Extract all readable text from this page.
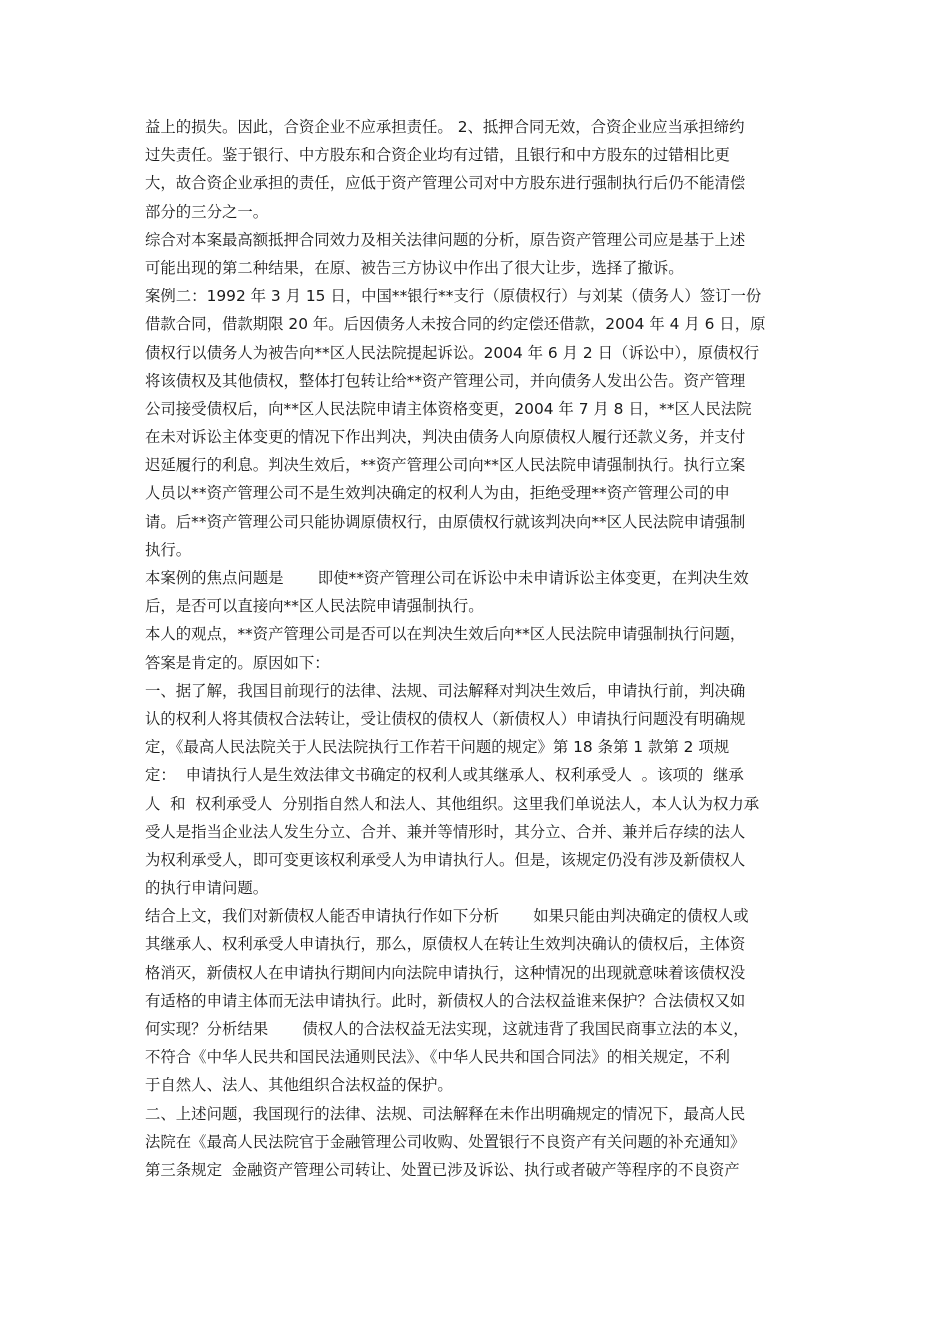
益上的损失。因此，合资企业不应承担责任。 2、抵押合同无效，合资企业应当承担缔约
过失责任。鉴于银行、中方股东和合资企业均有过错，且银行和中方股东的过错相比更
大，故合资企业承担的责任，应低于资产管理公司对中方股东进行强制执行后仍不能清偿
部分的三分之一。
综合对本案最高额抵押合同效力及相关法律问题的分析，原告资产管理公司应是基于上述
可能出现的第二种结果，在原、被告三方协议中作出了很大让步，选择了撤诉。
案例二：1992 年 3 月 15 日，中国**银行**支行（原债权行）与刘某（债务人）签订一份
借款合同，借款期限 20 年。后因债务人未按合同的约定偿还借款，2004 年 4 月 6 日，原
债权行以债务人为被告向**区人民法院提起诉讼。2004 年 6 月 2 日（诉讼中），原债权行
将该债权及其他债权，整体打包转让给**资产管理公司，并向债务人发出公告。资产管理
公司接受债权后，向**区人民法院申请主体资格变更，2004 年 7 月 8 日，**区人民法院
在未对诉讼主体变更的情况下作出判决，判决由债务人向原债权人履行还款义务，并支付
迟延履行的利息。判决生效后，**资产管理公司向**区人民法院申请强制执行。执行立案
人员以**资产管理公司不是生效判决确定的权利人为由，拒绝受理**资产管理公司的申
请。后**资产管理公司只能协调原债权行，由原债权行就该判决向**区人民法院申请强制
执行。
本案例的焦点问题是       即使**资产管理公司在诉讼中未申请诉讼主体变更，在判决生效
后，是否可以直接向**区人民法院申请强制执行。
本人的观点，**资产管理公司是否可以在判决生效后向**区人民法院申请强制执行问题，
答案是肯定的。原因如下：
一、据了解，我国目前现行的法律、法规、司法解释对判决生效后，申请执行前，判决确
认的权利人将其债权合法转让，受让债权的债权人（新债权人）申请执行问题没有明确规
定，《最高人民法院关于人民法院执行工作若干问题的规定》第 18 条第 1 款第 2 项规
定：  申请执行人是生效法律文书确定的权利人或其继承人、权利承受人  。该项的  继承
人  和  权利承受人  分别指自然人和法人、其他组织。这里我们单说法人，本人认为权力承
受人是指当企业法人发生分立、合并、兼并等情形时，其分立、合并、兼并后存续的法人
为权利承受人，即可变更该权利承受人为申请执行人。但是，该规定仍没有涉及新债权人
的执行申请问题。
结合上文，我们对新债权人能否申请执行作如下分析       如果只能由判决确定的债权人或
其继承人、权利承受人申请执行，那么，原债权人在转让生效判决确认的债权后，主体资
格消灭，新债权人在申请执行期间内向法院申请执行，这种情况的出现就意味着该债权没
有适格的申请主体而无法申请执行。此时，新债权人的合法权益谁来保护？合法债权又如
何实现？分析结果       债权人的合法权益无法实现，这就违背了我国民商事立法的本义，
不符合《中华人民共和国民法通则民法》、《中华人民共和国合同法》的相关规定，不利
于自然人、法人、其他组织合法权益的保护。
二、上述问题，我国现行的法律、法规、司法解释在未作出明确规定的情况下，最高人民
法院在《最高人民法院官于金融管理公司收购、处置银行不良资产有关问题的补充通知》
第三条规定  金融资产管理公司转让、处置已涉及诉讼、执行或者破产等程序的不良资产
